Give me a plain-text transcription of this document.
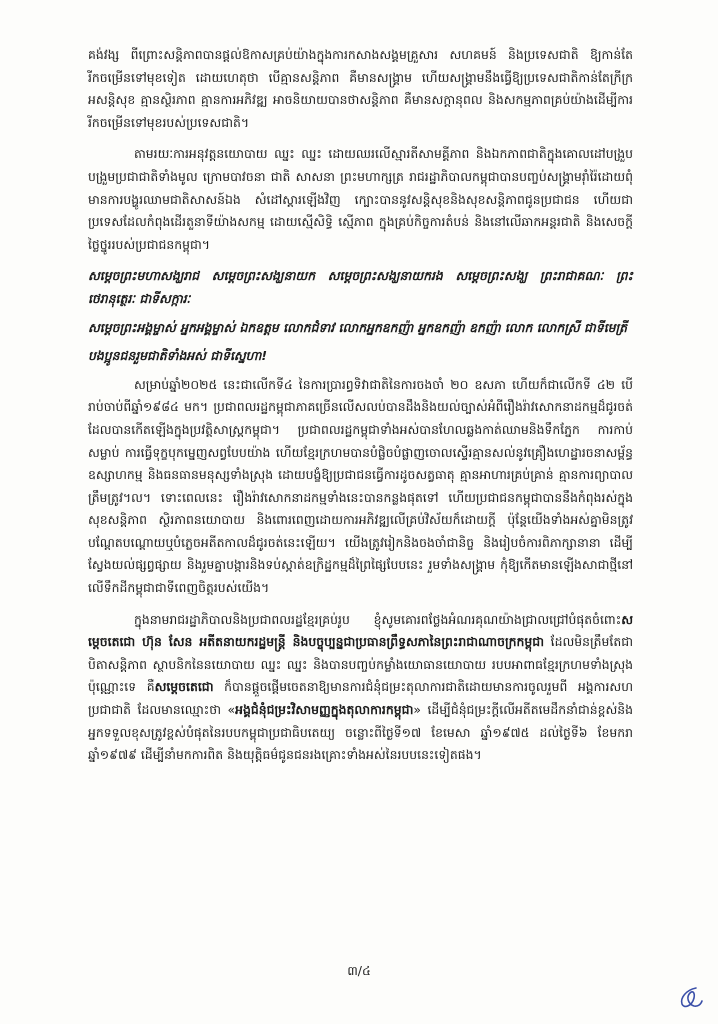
គង់វង្ស ពីព្រោះសន្តិភាពបានផ្តល់ឱកាសគ្រប់យ៉ាងក្នុងការកសាងសង្គមគ្រួសារ សហគមន៍ និងប្រទេសជាតិ ឱ្យកាន់តែរីកចម្រើនទៅមុខទៀត ដោយហេតុថា បើគ្មានសន្តិភាព គឺមានសង្គ្រាម ហើយសង្គ្រាមនឹងធ្វើឱ្យប្រទេសជាតិកាន់តែក្រីក្រ អសន្តិសុខ គ្មានស្ថិរភាព គ្មានការអភិវឌ្ឍ អាចនិយាយបានថាសន្តិភាព គឺមានសក្តានុពល និងសកម្មភាពគ្រប់យ៉ាងដើម្បីការរីកចម្រើនទៅមុខរបស់ប្រទេសជាតិ។

តាមរយៈការអនុវត្តនយោបាយ ឈ្នះ ឈ្នះ ដោយឈរលើស្មារតីសាមគ្គីភាព និងឯកភាពជាតិក្នុងគោលដៅបង្រួបបង្រួមប្រជាជាតិទាំងមូល ក្រោមបាវចនា ជាតិ សាសនា ព្រះមហាក្សត្រ រាជរដ្ឋាភិបាលកម្ពុជាបានបញ្ចប់សង្គ្រាមរ៉ាំរ៉ៃដោយពុំមានការបង្ហូរឈាមជាតិសាសន៍ឯង សំដៅស្តារឡើងវិញ ក្បោះបាននូវសន្តិសុខនិងសុខសន្តិភាពជូនប្រជាជន ហើយជាប្រទេសដែលកំពុងដើរតួនាទីយ៉ាងសកម្ម ដោយស្មើសិទ្ធិ ស្មើភាព ក្នុងគ្រប់កិច្ចការតំបន់ និងនៅលើឆាកអន្តរជាតិ និងសេចក្តីថ្លៃថ្នូររបស់ប្រជាជនកម្ពុជា។

សម្តេចព្រះមហាសង្ឃរាជ សម្តេចព្រះសង្ឃនាយក សម្តេចព្រះសង្ឃនាយករង សម្តេចព្រះសង្ឃ ព្រះរាជាគណៈ ព្រះថេរានុត្ថេរៈ ជាទីសក្ការៈ

សម្តេចព្រះអង្គម្ចាស់ អ្នកអង្គម្ចាស់ ឯកឧត្តម លោកជំទាវ លោកអ្នកឧកញ៉ា អ្នកឧកញ៉ា ឧកញ៉ា លោក លោកស្រី ជាទីមេត្រី

បងប្អូនជនរួមជាតិទាំងអស់ ជាទីស្នេហា!

សម្រាប់ឆ្នាំ២០២៥ នេះជាលើកទី៤ នៃការប្រារព្ធទិវាជាតិនៃការចងចាំ ២០ ឧសភា ហើយក៏ជាលើកទី ៤២ បើរាប់ចាប់ពីឆ្នាំ១៩៨៤ មក។ ប្រជាពលរដ្ឋកម្ពុជាភាគច្រើនលើសលប់បានដឹងនិងយល់ច្បាស់អំពីរឿងរ៉ាវសោកនាដកម្មដ៏ជូរចត់ដែលបានកើតឡើងក្នុងប្រវត្តិសាស្ត្រកម្ពុជា។ ប្រជាពលរដ្ឋកម្ពុជាទាំងអស់បានហែលឆ្លងកាត់ឈាមនិងទឹកភ្នែក ការកាប់សម្លាប់ ការធ្វើទុក្ខបុកម្នេញសព្វបែបយ៉ាង ហើយខ្មែរក្រហមបានបំផ្លិចបំផ្លាញចោលស្ទើរគ្មានសល់នូវគ្រឿងហេដ្ឋារចនាសម្ព័ន្ធ ឧស្សាហកម្ម និងធនធានមនុស្សទាំងស្រុង ដោយបង្ខំឱ្យប្រជាជនធ្វើការដូចសត្វធាតុ គ្មានអាហារគ្រប់គ្រាន់ គ្មានការព្យាបាលត្រឹមត្រូវ។ល។ ទោះពេលនេះ រឿងរ៉ាវសោកនាដកម្មទាំងនេះបានកន្លងផុតទៅ ហើយប្រជាជនកម្ពុជាបាននឹងកំពុងរស់ក្នុងសុខសន្តិភាព ស្ថិរភាពនយោបាយ និងពោរពេញដោយការអភិវឌ្ឍលើគ្រប់វិស័យក៏ដោយក្តី ប៉ុន្តែយើងទាំងអស់គ្នាមិនត្រូវបណ្តែតបណ្តោយឬបំភ្លេចអតីតកាលដ៏ជូរចត់នេះឡើយ។ យើងត្រូវរៀកនិងចងចាំជានិច្ច និងរៀបចំការពិភាក្សានានា ដើម្បីស្វែងយល់ផ្សព្វផ្សាយ និងរួមគ្នាបង្ការនិងទប់ស្កាត់ឧក្រិដ្ឋកម្មដ៏ព្រៃផ្សៃបែបនេះ រួមទាំងសង្គ្រាម កុំឱ្យកើតមានឡើងសាជាថ្មីនៅលើទឹកដីកម្ពុជាជាទីពេញចិត្តរបស់យើង។

ក្នុងនាមរាជរដ្ឋាភិបាលនិងប្រជាពលរដ្ឋខ្មែរគ្រប់រូប ខ្ញុំសូមគោរពថ្លែងអំណរគុណយ៉ាងជ្រាលជ្រៅបំផុតចំពោះសម្តេចតេជោ ហ៊ុន សែន អតីតនាយករដ្ឋមន្ត្រី និងបច្ចុប្បន្នជាប្រធានព្រឹទ្ធសភានៃព្រះរាជាណាចក្រកម្ពុជា ដែលមិនត្រឹមតែជាបិតាសន្តិភាព ស្ថាបនិកនៃនយោបាយ ឈ្នះ ឈ្នះ និងបានបញ្ចប់កម្លាំងយោធានយោបាយ របបអាពាធខ្មែរក្រហមទាំងស្រុងប៉ុណ្ណោះទេ គឺសម្តេចតេជោ ក៏បានផ្តួចផ្តើមចេតនាឱ្យមានការជំនុំជម្រះតុលាការជាតិដោយមានការចូលរួមពី អង្គការសហប្រជាជាតិ ដែលមានឈ្មោះថា «អង្គជំនុំជម្រះវិសាមញ្ញក្នុងតុលាការកម្ពុជា» ដើម្បីជំនុំជម្រះក្តីលើអតីតមេដឹកនាំជាន់ខ្ពស់និងអ្នកទទួលខុសត្រូវខ្ពស់បំផុតនៃរបបកម្ពុជាប្រជាធិបតេយ្យ ចន្លោះពីថ្ងៃទី១៧ ខែមេសា ឆ្នាំ១៩៧៥ ដល់ថ្ងៃទី៦ ខែមករា ឆ្នាំ១៩៧៩ ដើម្បីនាំមកការពិត និងយុត្តិធម៌ជូនជនរងគ្រោះទាំងអស់នៃរបបនេះទៀតផង។

៣/៤
